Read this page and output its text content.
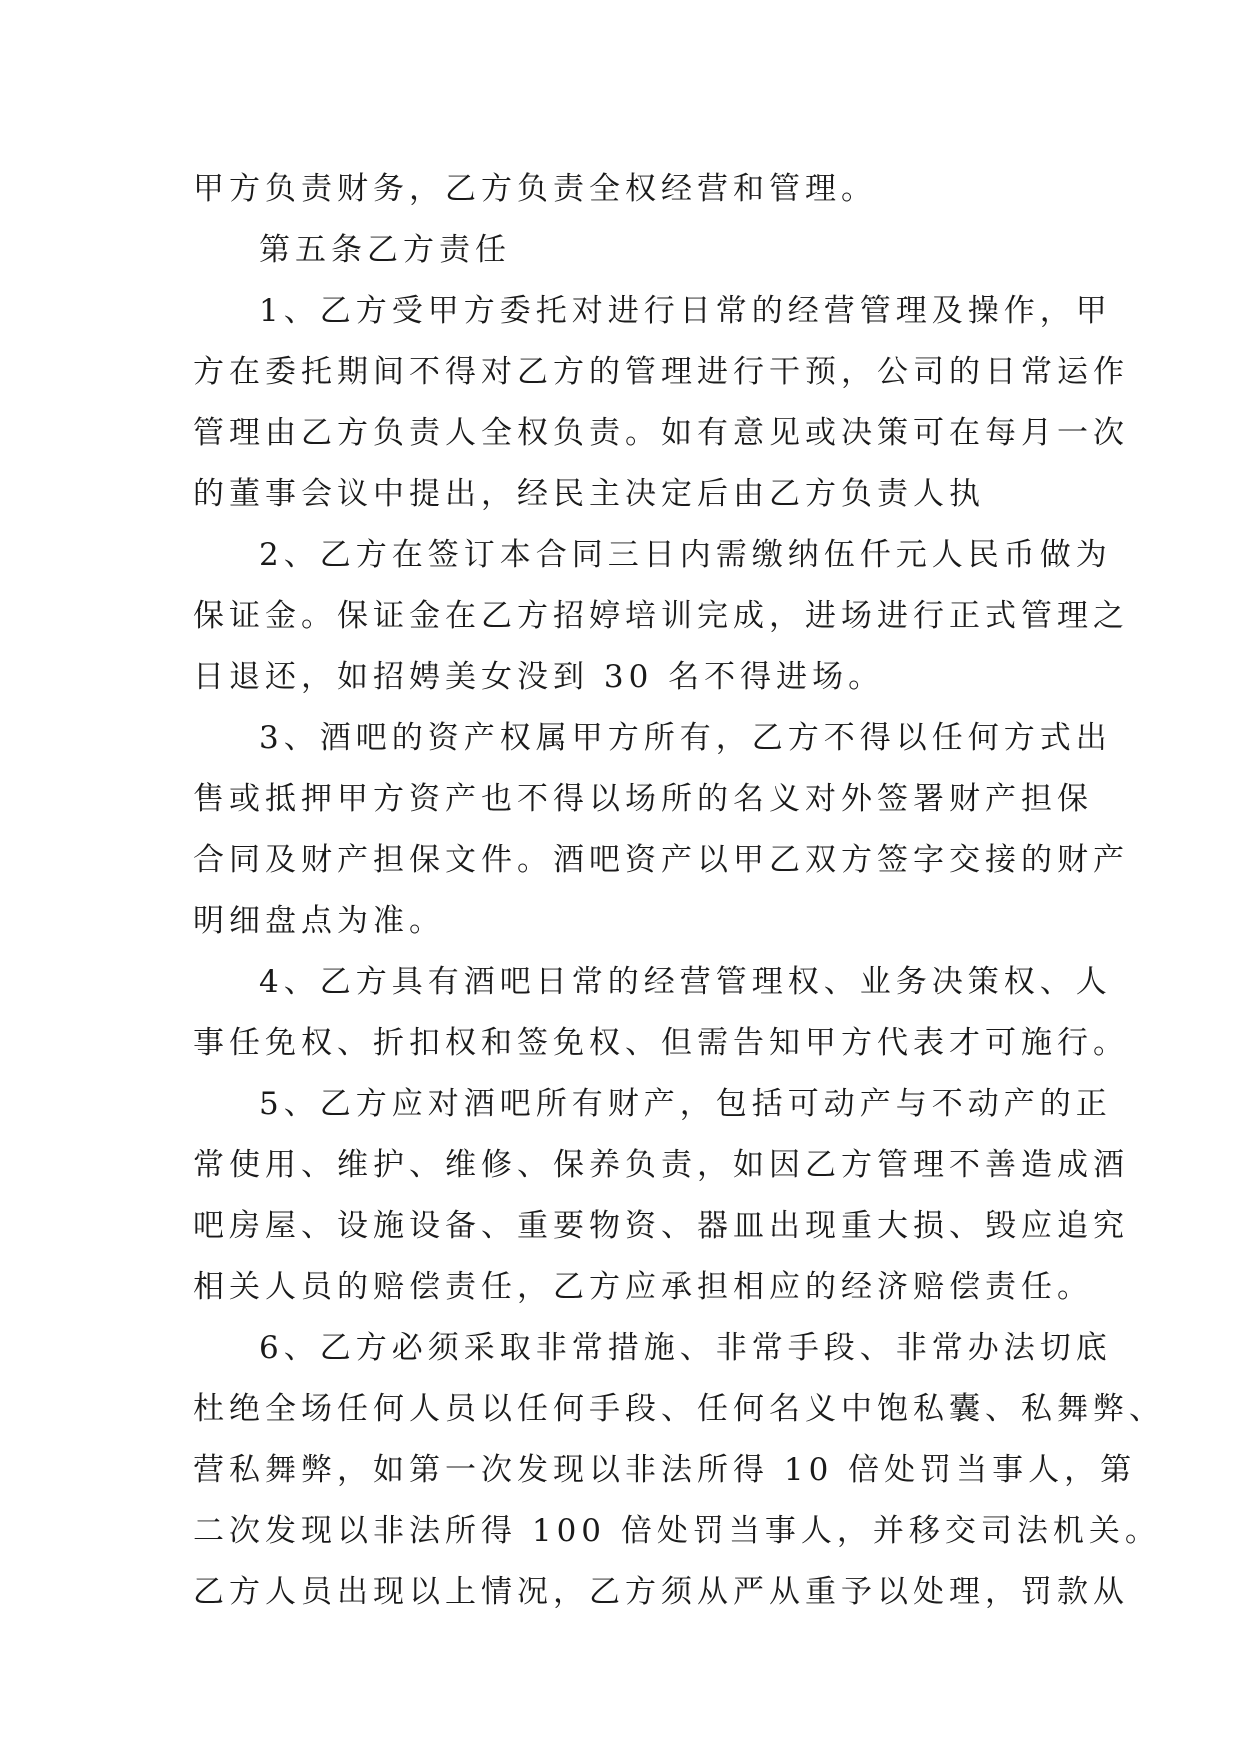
甲方负责财务，乙方负责全权经营和管理。
第五条乙方责任
1、乙方受甲方委托对进行日常的经营管理及操作，甲
方在委托期间不得对乙方的管理进行干预，公司的日常运作
管理由乙方负责人全权负责。如有意见或决策可在每月一次
的董事会议中提出，经民主决定后由乙方负责人执
2、乙方在签订本合同三日内需缴纳伍仟元人民币做为
保证金。保证金在乙方招婷培训完成，进场进行正式管理之
日退还，如招娉美女没到 30 名不得进场。
3、酒吧的资产权属甲方所有，乙方不得以任何方式出
售或抵押甲方资产也不得以场所的名义对外签署财产担保
合同及财产担保文件。酒吧资产以甲乙双方签字交接的财产
明细盘点为准。
4、乙方具有酒吧日常的经营管理权、业务决策权、人
事任免权、折扣权和签免权、但需告知甲方代表才可施行。
5、乙方应对酒吧所有财产，包括可动产与不动产的正
常使用、维护、维修、保养负责，如因乙方管理不善造成酒
吧房屋、设施设备、重要物资、器皿出现重大损、毁应追究
相关人员的赔偿责任，乙方应承担相应的经济赔偿责任。
6、乙方必须采取非常措施、非常手段、非常办法切底
杜绝全场任何人员以任何手段、任何名义中饱私囊、私舞弊、
营私舞弊，如第一次发现以非法所得 10 倍处罚当事人，第
二次发现以非法所得 100 倍处罚当事人，并移交司法机关。
乙方人员出现以上情况，乙方须从严从重予以处理，罚款从
